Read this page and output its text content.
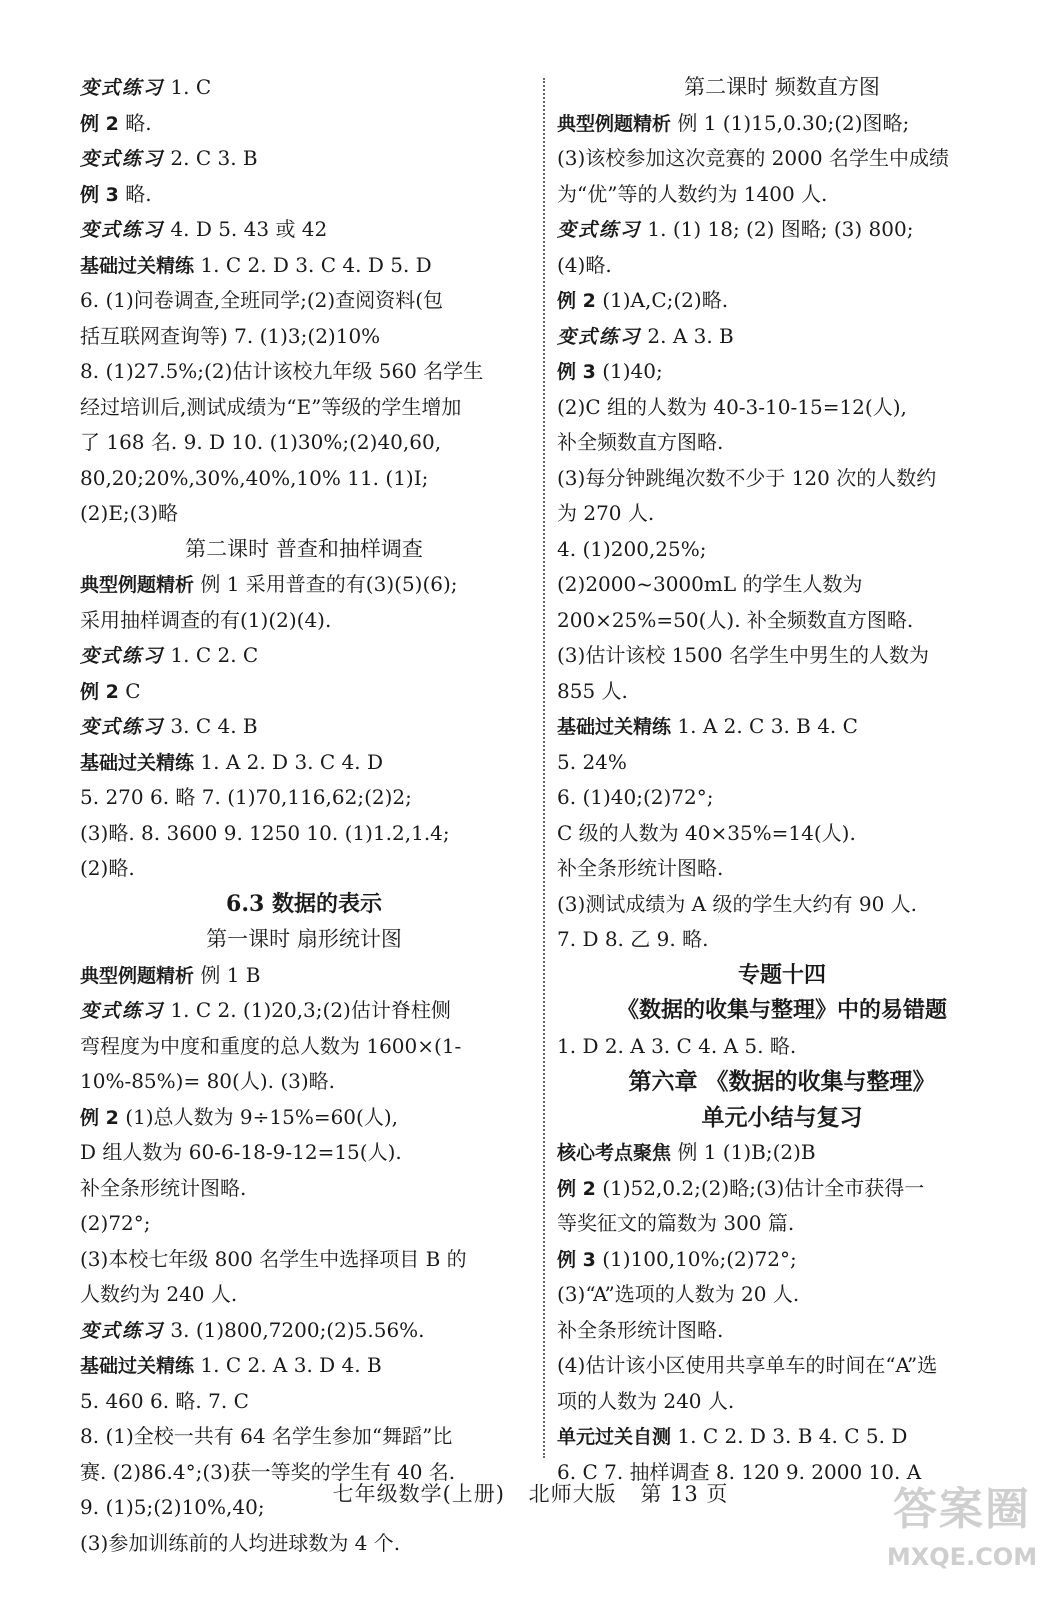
变式练习 1. C
例 2 略.
变式练习 2. C 3. B
例 3 略.
变式练习 4. D 5. 43 或 42
基础过关精练 1. C 2. D 3. C 4. D 5. D
6. (1)问卷调查,全班同学;(2)查阅资料(包
括互联网查询等) 7. (1)3;(2)10%
8. (1)27.5%;(2)估计该校九年级 560 名学生
经过培训后,测试成绩为“E”等级的学生增加
了 168 名. 9. D 10. (1)30%;(2)40,60,
80,20;20%,30%,40%,10% 11. (1)I;
(2)E;(3)略
第二课时 普查和抽样调查
典型例题精析 例 1 采用普查的有(3)(5)(6);
采用抽样调查的有(1)(2)(4).
变式练习 1. C 2. C
例 2 C
变式练习 3. C 4. B
基础过关精练 1. A 2. D 3. C 4. D
5. 270 6. 略 7. (1)70,116,62;(2)2;
(3)略. 8. 3600 9. 1250 10. (1)1.2,1.4;
(2)略.
6.3 数据的表示
第一课时 扇形统计图
典型例题精析 例 1 B
变式练习 1. C 2. (1)20,3;(2)估计脊柱侧
弯程度为中度和重度的总人数为 1600×(1-
10%-85%)= 80(人). (3)略.
例 2 (1)总人数为 9÷15%=60(人),
D 组人数为 60-6-18-9-12=15(人).
补全条形统计图略.
(2)72°;
(3)本校七年级 800 名学生中选择项目 B 的
人数约为 240 人.
变式练习 3. (1)800,7200;(2)5.56%.
基础过关精练 1. C 2. A 3. D 4. B
5. 460 6. 略. 7. C
8. (1)全校一共有 64 名学生参加“舞蹈”比
赛. (2)86.4°;(3)获一等奖的学生有 40 名.
9. (1)5;(2)10%,40;
(3)参加训练前的人均进球数为 4 个.
第二课时 频数直方图
典型例题精析 例 1 (1)15,0.30;(2)图略;
(3)该校参加这次竞赛的 2000 名学生中成绩
为“优”等的人数约为 1400 人.
变式练习 1. (1) 18; (2) 图略; (3) 800;
(4)略.
例 2 (1)A,C;(2)略.
变式练习 2. A 3. B
例 3 (1)40;
(2)C 组的人数为 40-3-10-15=12(人),
补全频数直方图略.
(3)每分钟跳绳次数不少于 120 次的人数约
为 270 人.
4. (1)200,25%;
(2)2000~3000mL 的学生人数为
200×25%=50(人). 补全频数直方图略.
(3)估计该校 1500 名学生中男生的人数为
855 人.
基础过关精练 1. A 2. C 3. B 4. C
5. 24%
6. (1)40;(2)72°;
C 级的人数为 40×35%=14(人).
补全条形统计图略.
(3)测试成绩为 A 级的学生大约有 90 人.
7. D 8. 乙 9. 略.
专题十四
《数据的收集与整理》中的易错题
1. D 2. A 3. C 4. A 5. 略.
第六章 《数据的收集与整理》
单元小结与复习
核心考点聚焦 例 1 (1)B;(2)B
例 2 (1)52,0.2;(2)略;(3)估计全市获得一
等奖征文的篇数为 300 篇.
例 3 (1)100,10%;(2)72°;
(3)“A”选项的人数为 20 人.
补全条形统计图略.
(4)估计该小区使用共享单车的时间在“A”选
项的人数为 240 人.
单元过关自测 1. C 2. D 3. B 4. C 5. D
6. C 7. 抽样调查 8. 120 9. 2000 10. A
七年级数学(上册) 北师大版 第 13 页	答案圈
MXQE.COM
